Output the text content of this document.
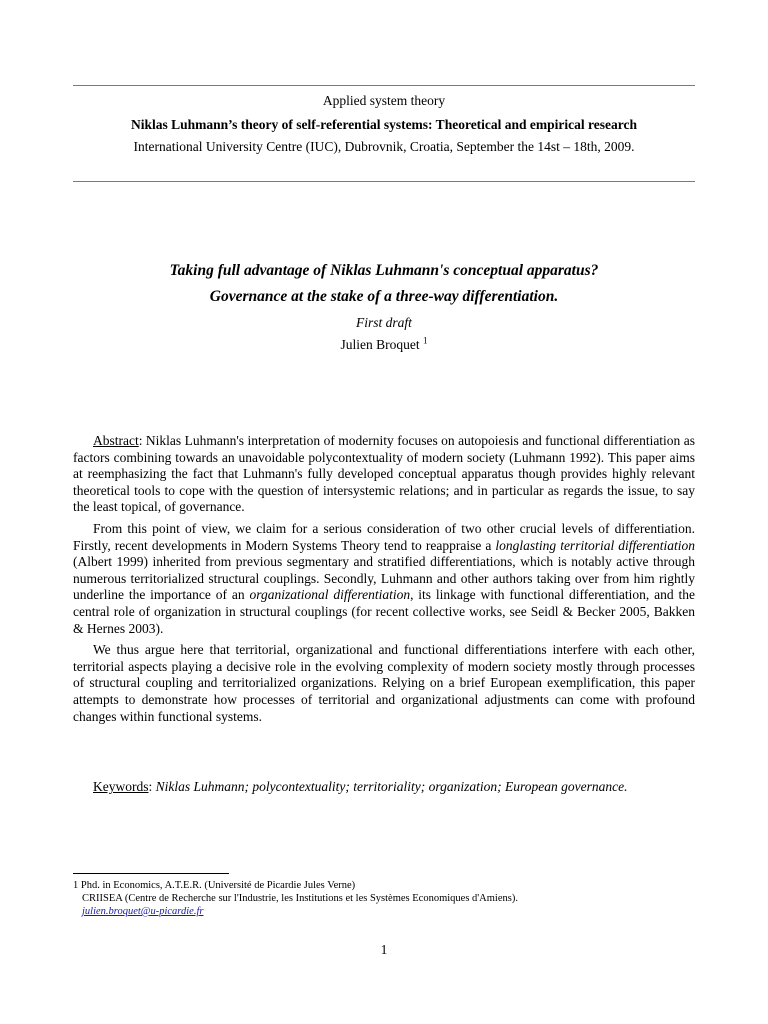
Applied system theory
Niklas Luhmann’s theory of self-referential systems: Theoretical and empirical research
International University Centre (IUC), Dubrovnik, Croatia, September the 14st – 18th, 2009.
Taking full advantage of Niklas Luhmann's conceptual apparatus?
Governance at the stake of a three-way differentiation.
First draft
Julien Broquet $^1$

Abstract: Niklas Luhmann's interpretation of modernity focuses on autopoiesis and functional differentiation as factors combining towards an unavoidable polycontextuality of modern society (Luhmann 1992). This paper aims at reemphasizing the fact that Luhmann's fully developed conceptual apparatus though provides highly relevant theoretical tools to cope with the question of intersystemic relations; and in particular as regards the issue, to say the least topical, of governance.

From this point of view, we claim for a serious consideration of two other crucial levels of differentiation. Firstly, recent developments in Modern Systems Theory tend to reappraise a longlasting territorial differentiation (Albert 1999) inherited from previous segmentary and stratified differentiations, which is notably active through numerous territorialized structural couplings. Secondly, Luhmann and other authors taking over from him rightly underline the importance of an organizational differentiation, its linkage with functional differentiation, and the central role of organization in structural couplings (for recent collective works, see Seidl & Becker 2005, Bakken & Hernes 2003).

We thus argue here that territorial, organizational and functional differentiations interfere with each other, territorial aspects playing a decisive role in the evolving complexity of modern society mostly through processes of structural coupling and territorialized organizations. Relying on a brief European exemplification, this paper attempts to demonstrate how processes of territorial and organizational adjustments can come with profound changes within functional systems.

Keywords: Niklas Luhmann; polycontextuality; territoriality; organization; European governance.

1 Phd. in Economics, A.T.E.R. (Université de Picardie Jules Verne)
CRIISEA (Centre de Recherche sur l'Industrie, les Institutions et les Systèmes Economiques d'Amiens).
julien.broquet@u-picardie.fr
1
